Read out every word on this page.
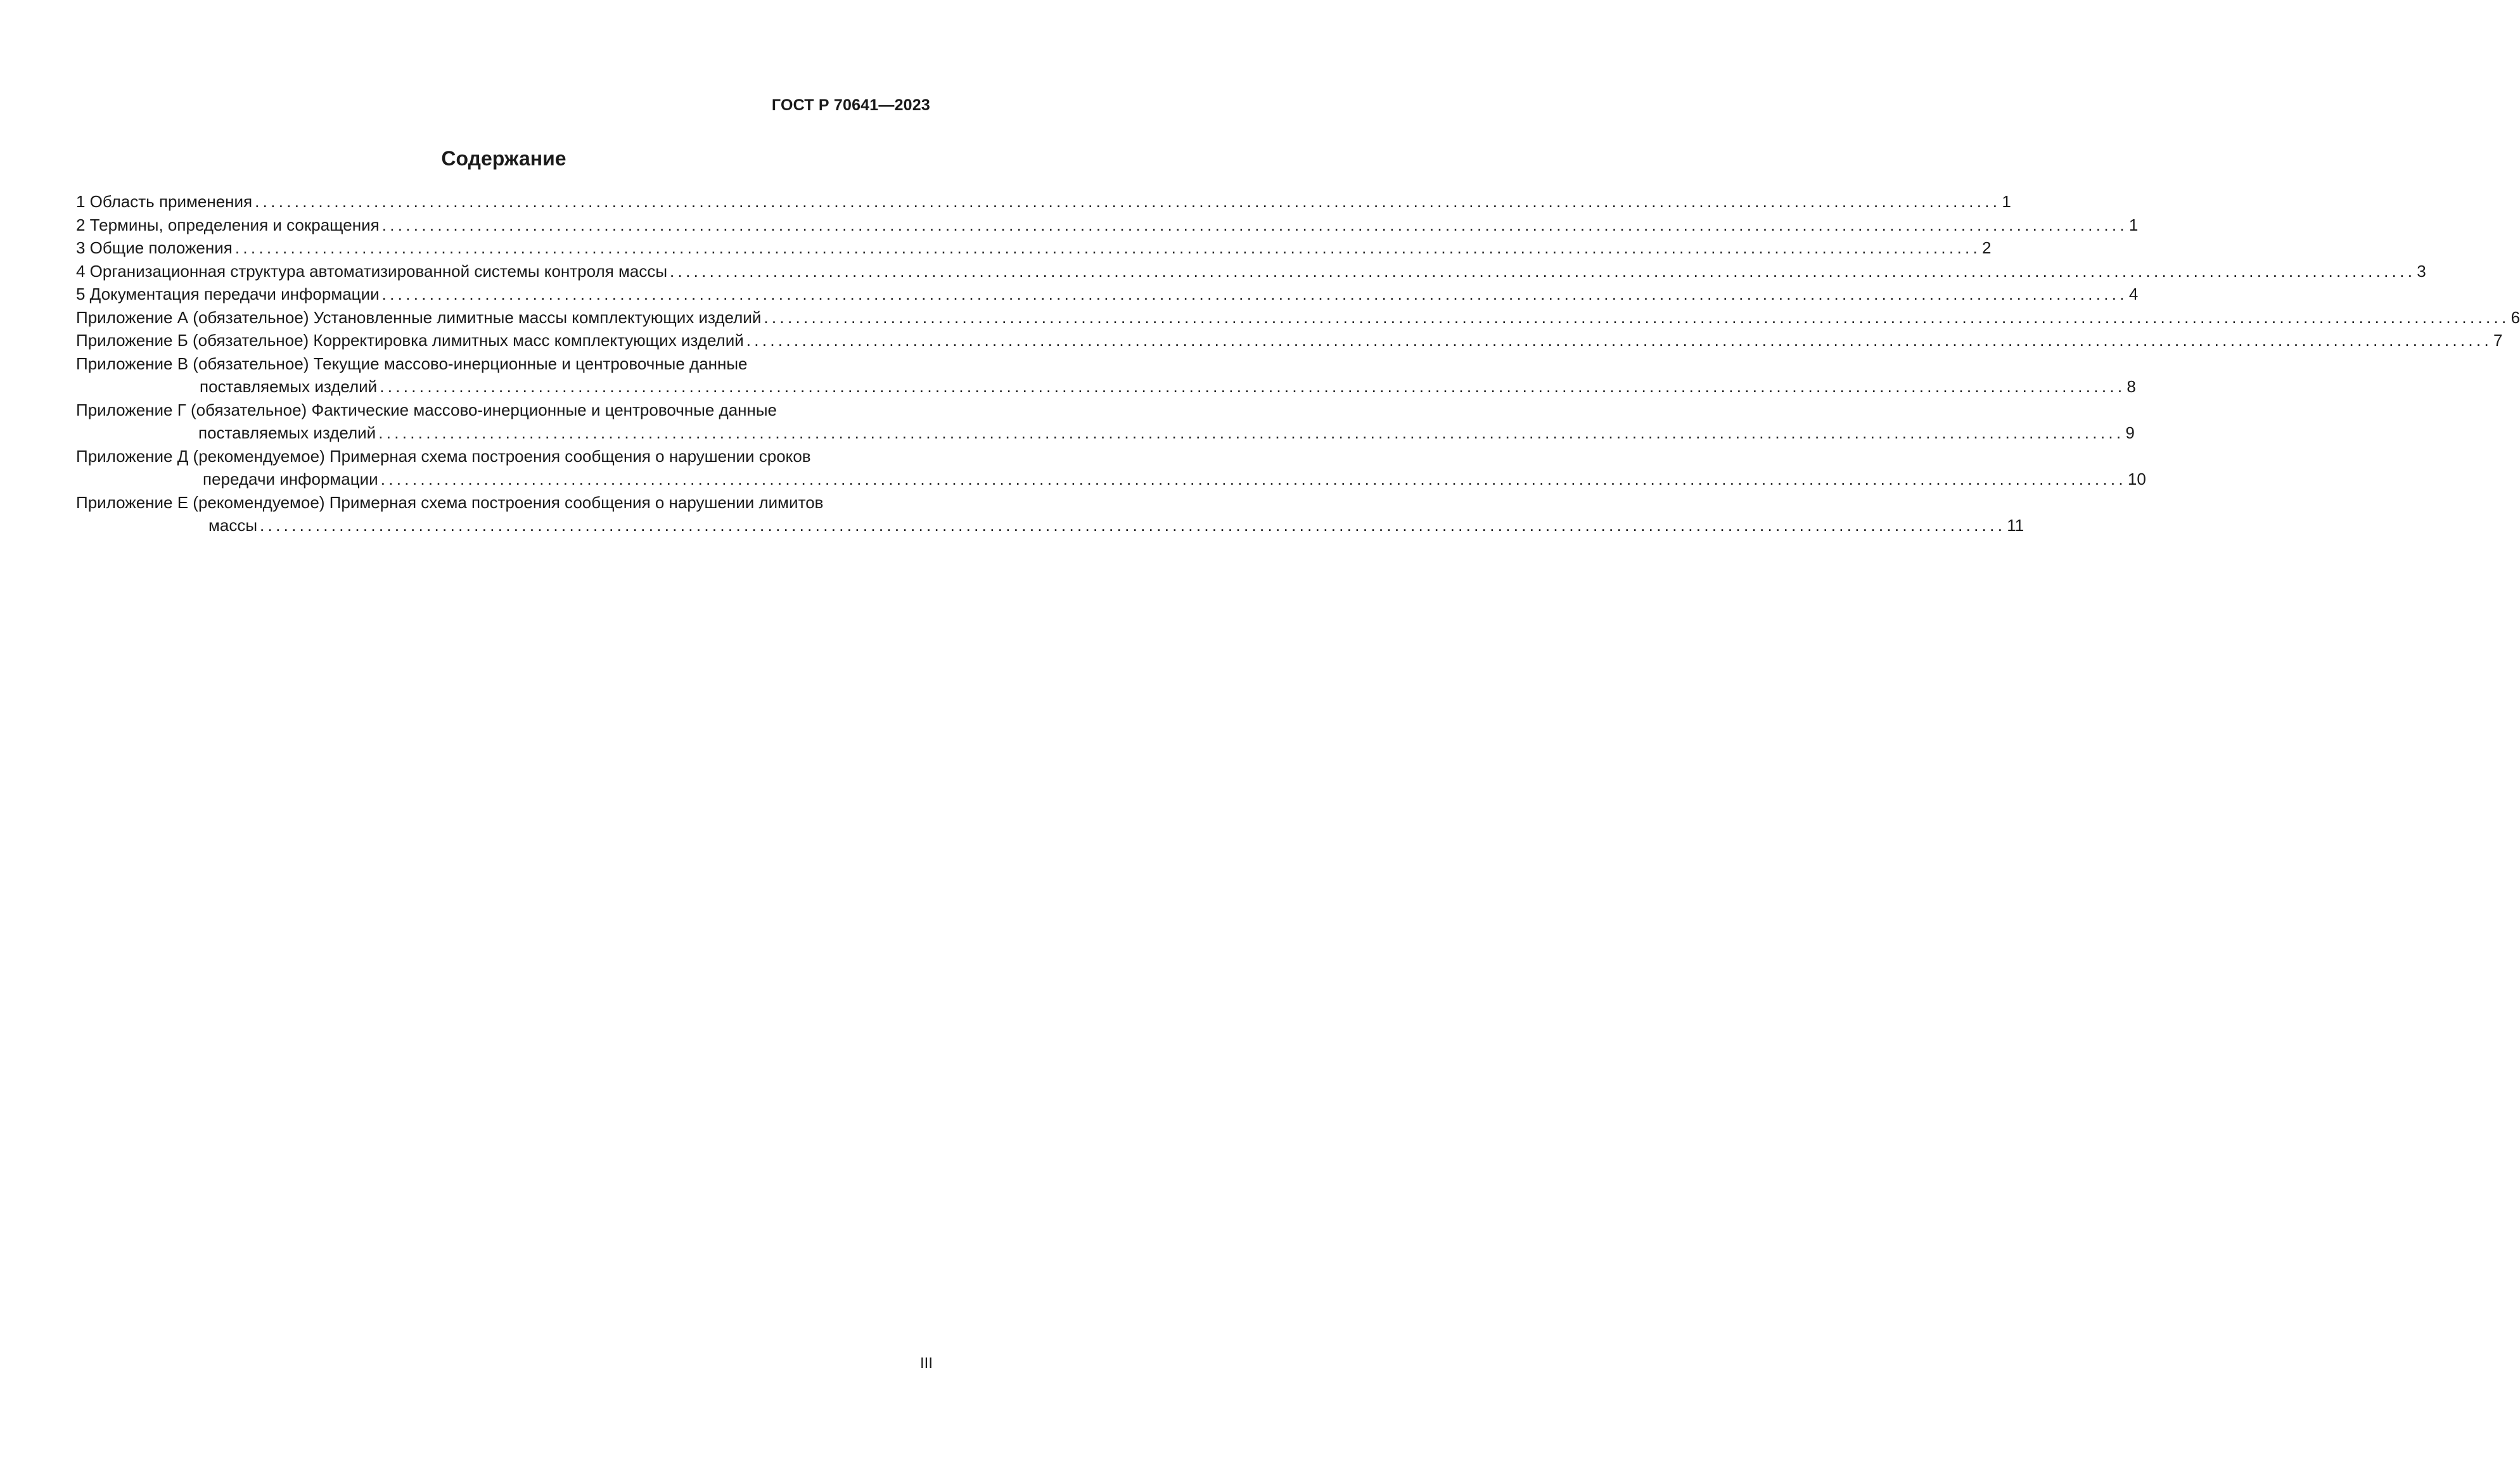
ГОСТ Р 70641—2023
Содержание
1 Область применения ............................................................................................................................................................................................................................ 1
2 Термины, определения и сокращения ............................................................................................................................................................................................................................ 1
3 Общие положения ............................................................................................................................................................................................................................ 2
4 Организационная структура автоматизированной системы контроля массы ............................................................................................................................................................................................................................ 3
5 Документация передачи информации ............................................................................................................................................................................................................................ 4
Приложение А (обязательное) Установленные лимитные массы комплектующих изделий ............................................................................................................................................................................................................................ 6
Приложение Б (обязательное) Корректировка лимитных масс комплектующих изделий ............................................................................................................................................................................................................................ 7
Приложение В (обязательное) Текущие массово-инерционные и центровочные данные
поставляемых изделий ............................................................................................................................................................................................................................ 8
Приложение Г (обязательное) Фактические массово-инерционные и центровочные данные
поставляемых изделий ............................................................................................................................................................................................................................ 9
Приложение Д (рекомендуемое) Примерная схема построения сообщения о нарушении сроков
передачи информации ............................................................................................................................................................................................................................ 10
Приложение Е (рекомендуемое) Примерная схема построения сообщения о нарушении лимитов
массы ............................................................................................................................................................................................................................ 11
III
